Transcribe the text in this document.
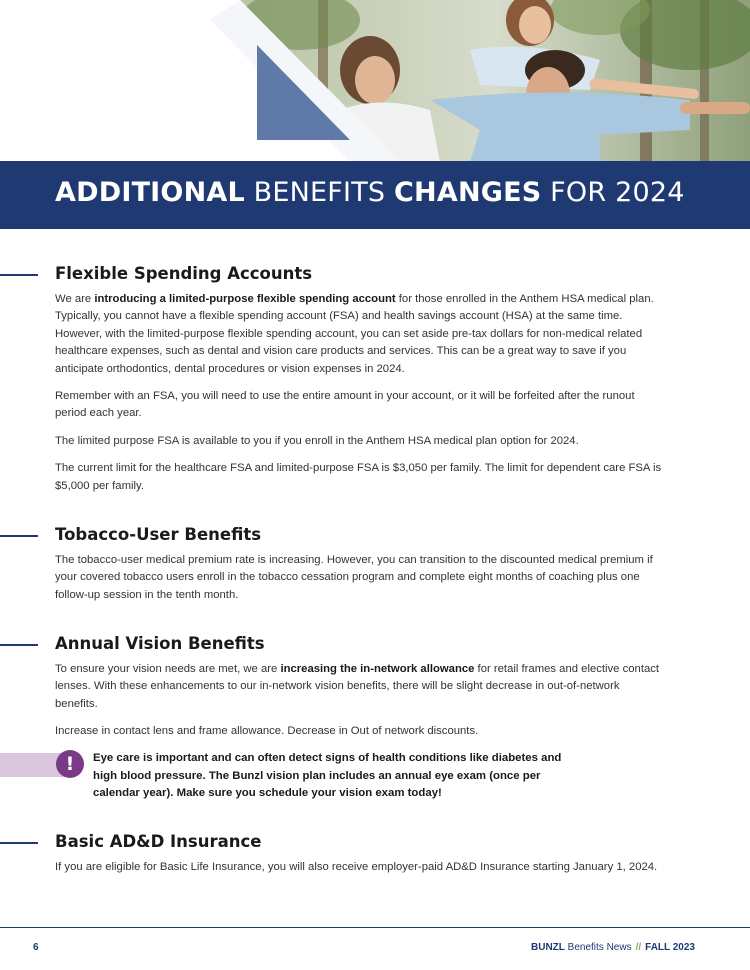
ADDITIONAL BENEFITS CHANGES FOR 2024
Flexible Spending Accounts

We are introducing a limited-purpose flexible spending account for those enrolled in the Anthem HSA medical plan. Typically, you cannot have a flexible spending account (FSA) and health savings account (HSA) at the same time. However, with the limited-purpose flexible spending account, you can set aside pre-tax dollars for non-medical related healthcare expenses, such as dental and vision care products and services. This can be a great way to save if you anticipate orthodontics, dental procedures or vision expenses in 2024.

Remember with an FSA, you will need to use the entire amount in your account, or it will be forfeited after the runout period each year.

The limited purpose FSA is available to you if you enroll in the Anthem HSA medical plan option for 2024.

The current limit for the healthcare FSA and limited-purpose FSA is $3,050 per family. The limit for dependent care FSA is $5,000 per family.

Tobacco-User Benefits

The tobacco-user medical premium rate is increasing. However, you can transition to the discounted medical premium if your covered tobacco users enroll in the tobacco cessation program and complete eight months of coaching plus one follow-up session in the tenth month.

Annual Vision Benefits

To ensure your vision needs are met, we are increasing the in-network allowance for retail frames and elective contact lenses. With these enhancements to our in-network vision benefits, there will be slight decrease in out-of-network benefits.

Increase in contact lens and frame allowance. Decrease in Out of network discounts.

!	Eye care is important and can often detect signs of health conditions like diabetes and high blood pressure. The Bunzl vision plan includes an annual eye exam (once per calendar year). Make sure you schedule your vision exam today!
Basic AD&D Insurance

If you are eligible for Basic Life Insurance, you will also receive employer-paid AD&D Insurance starting January 1, 2024.

6	BUNZL Benefits News // FALL 2023
